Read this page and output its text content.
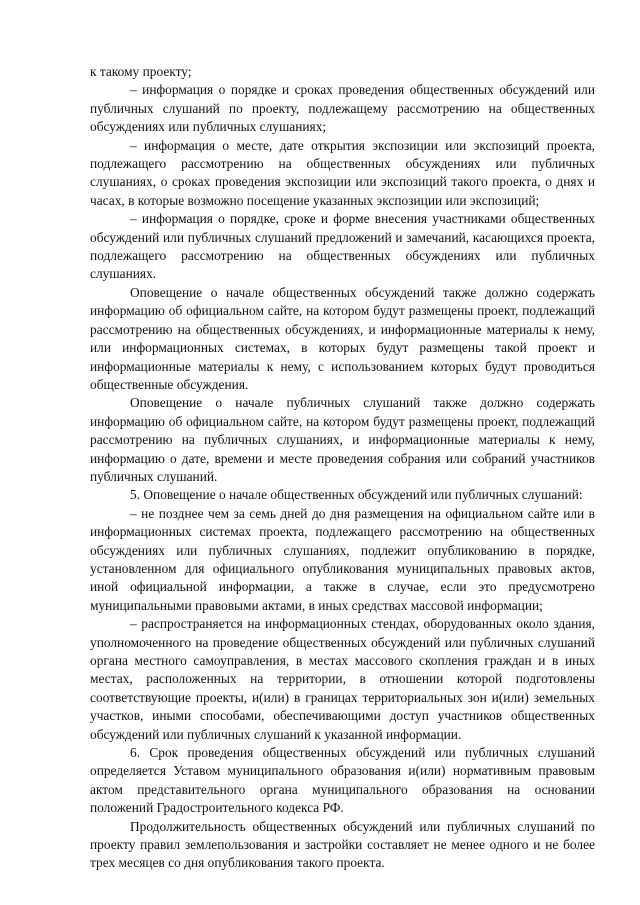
к такому проекту;

– информация о порядке и сроках проведения общественных обсуждений или публичных слушаний по проекту, подлежащему рассмотрению на общественных обсуждениях или публичных слушаниях;

– информация о месте, дате открытия экспозиции или экспозиций проекта, подлежащего рассмотрению на общественных обсуждениях или публичных слушаниях, о сроках проведения экспозиции или экспозиций такого проекта, о днях и часах, в которые возможно посещение указанных экспозиции или экспозиций;

– информация о порядке, сроке и форме внесения участниками общественных обсуждений или публичных слушаний предложений и замечаний, касающихся проекта, подлежащего рассмотрению на общественных обсуждениях или публичных слушаниях.

Оповещение о начале общественных обсуждений также должно содержать информацию об официальном сайте, на котором будут размещены проект, подлежащий рассмотрению на общественных обсуждениях, и информационные материалы к нему, или информационных системах, в которых будут размещены такой проект и информационные материалы к нему, с использованием которых будут проводиться общественные обсуждения.

Оповещение о начале публичных слушаний также должно содержать информацию об официальном сайте, на котором будут размещены проект, подлежащий рассмотрению на публичных слушаниях, и информационные материалы к нему, информацию о дате, времени и месте проведения собрания или собраний участников публичных слушаний.

5. Оповещение о начале общественных обсуждений или публичных слушаний:

– не позднее чем за семь дней до дня размещения на официальном сайте или в информационных системах проекта, подлежащего рассмотрению на общественных обсуждениях или публичных слушаниях, подлежит опубликованию в порядке, установленном для официального опубликования муниципальных правовых актов, иной официальной информации, а также в случае, если это предусмотрено муниципальными правовыми актами, в иных средствах массовой информации;

– распространяется на информационных стендах, оборудованных около здания, уполномоченного на проведение общественных обсуждений или публичных слушаний органа местного самоуправления, в местах массового скопления граждан и в иных местах, расположенных на территории, в отношении которой подготовлены соответствующие проекты, и(или) в границах территориальных зон и(или) земельных участков, иными способами, обеспечивающими доступ участников общественных обсуждений или публичных слушаний к указанной информации.

6. Срок проведения общественных обсуждений или публичных слушаний определяется Уставом муниципального образования и(или) нормативным правовым актом представительного органа муниципального образования на основании положений Градостроительного кодекса РФ.

Продолжительность общественных обсуждений или публичных слушаний по проекту правил землепользования и застройки составляет не менее одного и не более трех месяцев со дня опубликования такого проекта.
